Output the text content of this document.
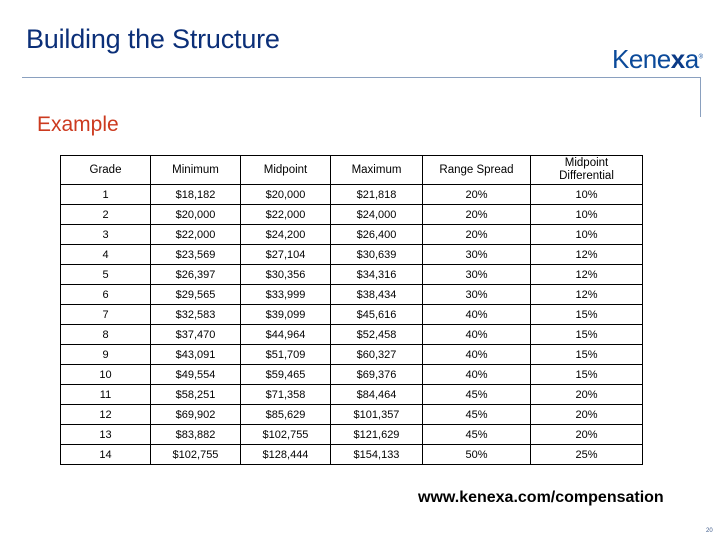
Building the Structure
Kenexa®
Example
Grade	Minimum	Midpoint	Maximum	Range Spread	Midpoint Differential
1	$18,182	$20,000	$21,818	20%	10%
2	$20,000	$22,000	$24,000	20%	10%
3	$22,000	$24,200	$26,400	20%	10%
4	$23,569	$27,104	$30,639	30%	12%
5	$26,397	$30,356	$34,316	30%	12%
6	$29,565	$33,999	$38,434	30%	12%
7	$32,583	$39,099	$45,616	40%	15%
8	$37,470	$44,964	$52,458	40%	15%
9	$43,091	$51,709	$60,327	40%	15%
10	$49,554	$59,465	$69,376	40%	15%
11	$58,251	$71,358	$84,464	45%	20%
12	$69,902	$85,629	$101,357	45%	20%
13	$83,882	$102,755	$121,629	45%	20%
14	$102,755	$128,444	$154,133	50%	25%
www.kenexa.com/compensation
20
